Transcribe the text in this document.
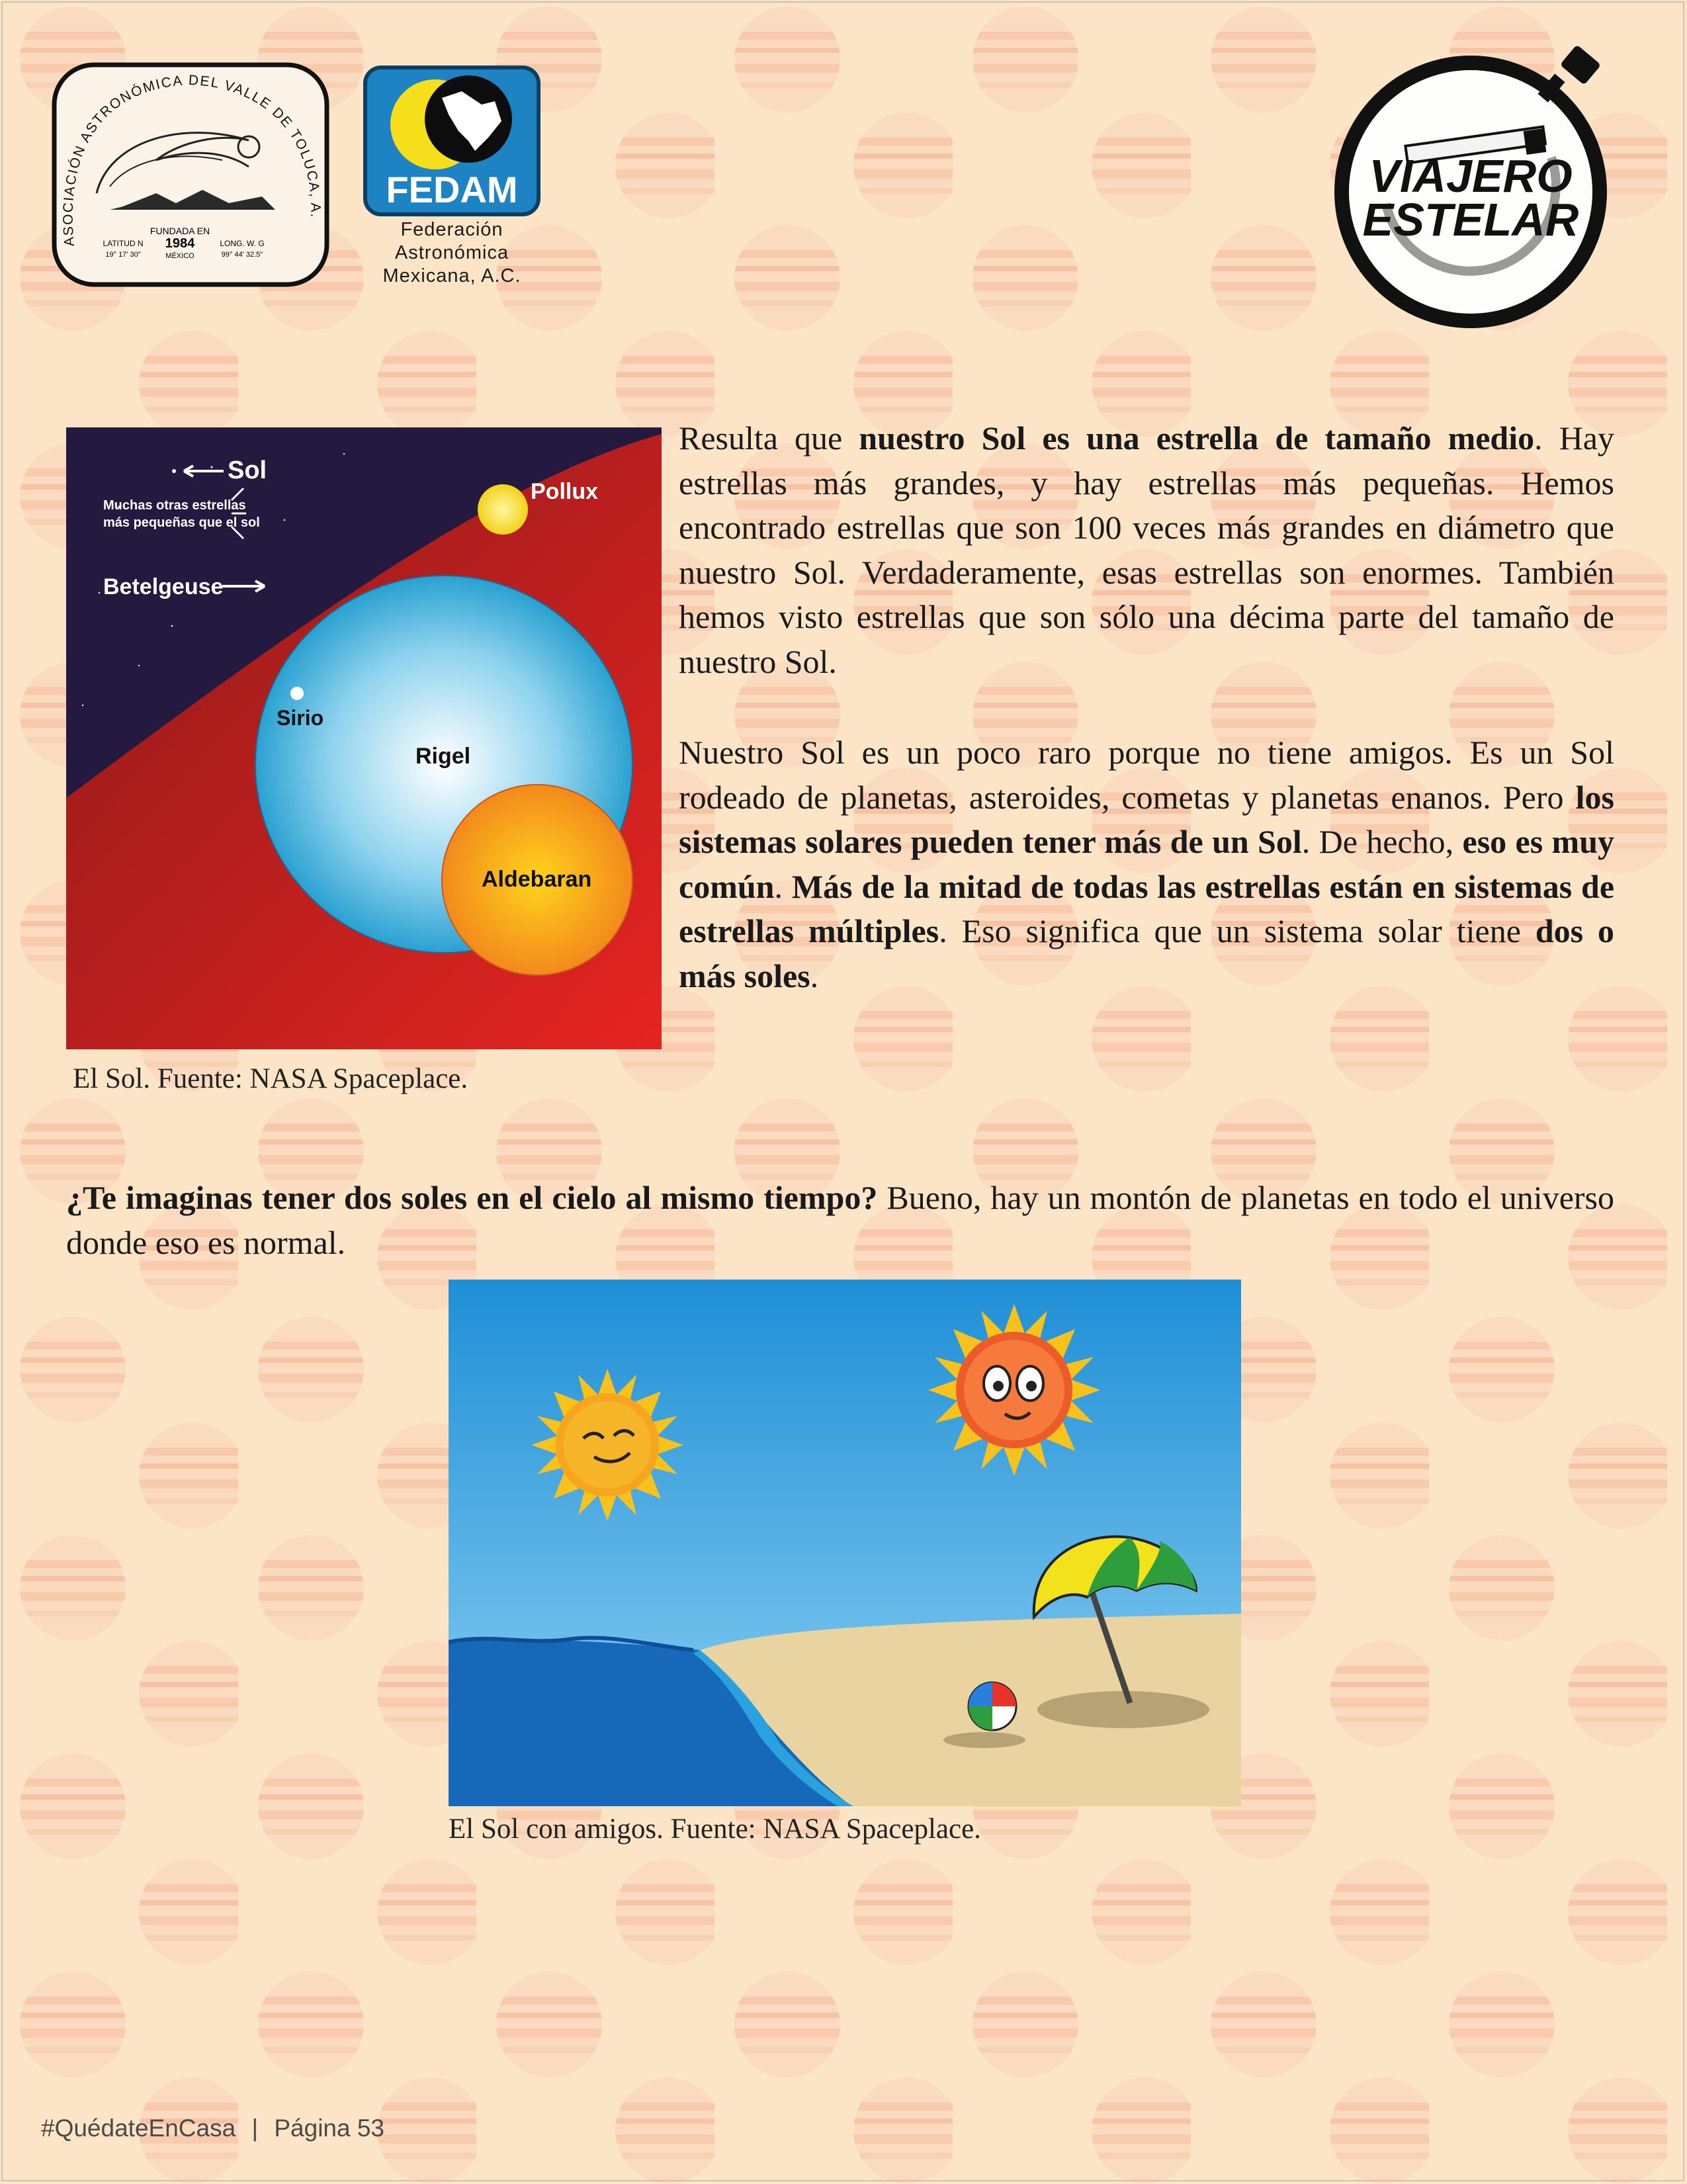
ASOCIACIÓN ASTRONÓMICA DEL VALLE DE TOLUCA, A.
FUNDADA EN
1984
MÉXICO
LATITUD N
19° 17' 30"
LONG. W. G
99° 44' 32.5"
FEDAM
Federación
Astronómica
Mexicana, A.C.
VIAJERO
ESTELAR
Sol
Muchas otras estrellas
más pequeñas que el sol
Betelgeuse
Pollux
Sirio
Rigel
Aldebaran
El Sol. Fuente: NASA Spaceplace.
Resulta que nuestro Sol es una estrella de tamaño medio. Hay estrellas más grandes, y hay estrellas más pequeñas. Hemos encontrado estrellas que son 100 veces más grandes en diámetro que nuestro Sol. Verdaderamente, esas estrellas son enormes. También hemos visto estrellas que son sólo una décima parte del tamaño de nuestro Sol.
Nuestro Sol es un poco raro porque no tiene amigos. Es un Sol rodeado de planetas, asteroides, cometas y planetas enanos. Pero los sistemas solares pueden tener más de un Sol. De hecho, eso es muy común. Más de la mitad de todas las estrellas están en sistemas de estrellas múltiples. Eso significa que un sistema solar tiene dos o más soles.
¿Te imaginas tener dos soles en el cielo al mismo tiempo? Bueno, hay un montón de planetas en todo el universo donde eso es normal.
El Sol con amigos. Fuente: NASA Spaceplace.
#QuédateEnCasa | Página 53
